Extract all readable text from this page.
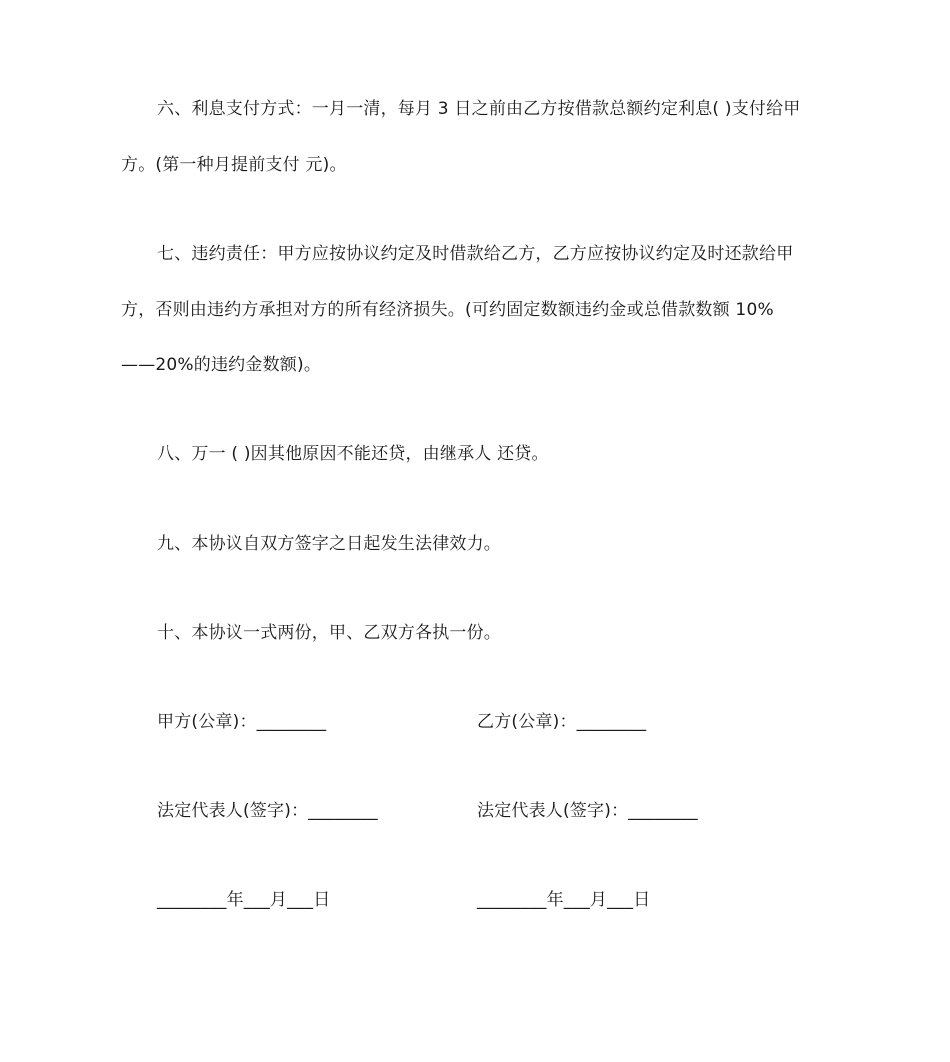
六、利息支付方式：一月一清，每月 3 日之前由乙方按借款总额约定利息( )支付给甲
方。(第一种月提前支付 元)。
七、违约责任：甲方应按协议约定及时借款给乙方，乙方应按协议约定及时还款给甲
方，否则由违约方承担对方的所有经济损失。(可约固定数额违约金或总借款数额 10%
——20%的违约金数额)。
八、万一 ( )因其他原因不能还贷，由继承人 还贷。
九、本协议自双方签字之日起发生法律效力。
十、本协议一式两份，甲、乙双方各执一份。
甲方(公章)：________	乙方(公章)：________
法定代表人(签字)：________	法定代表人(签字)：________
________年___月___日	________年___月___日
